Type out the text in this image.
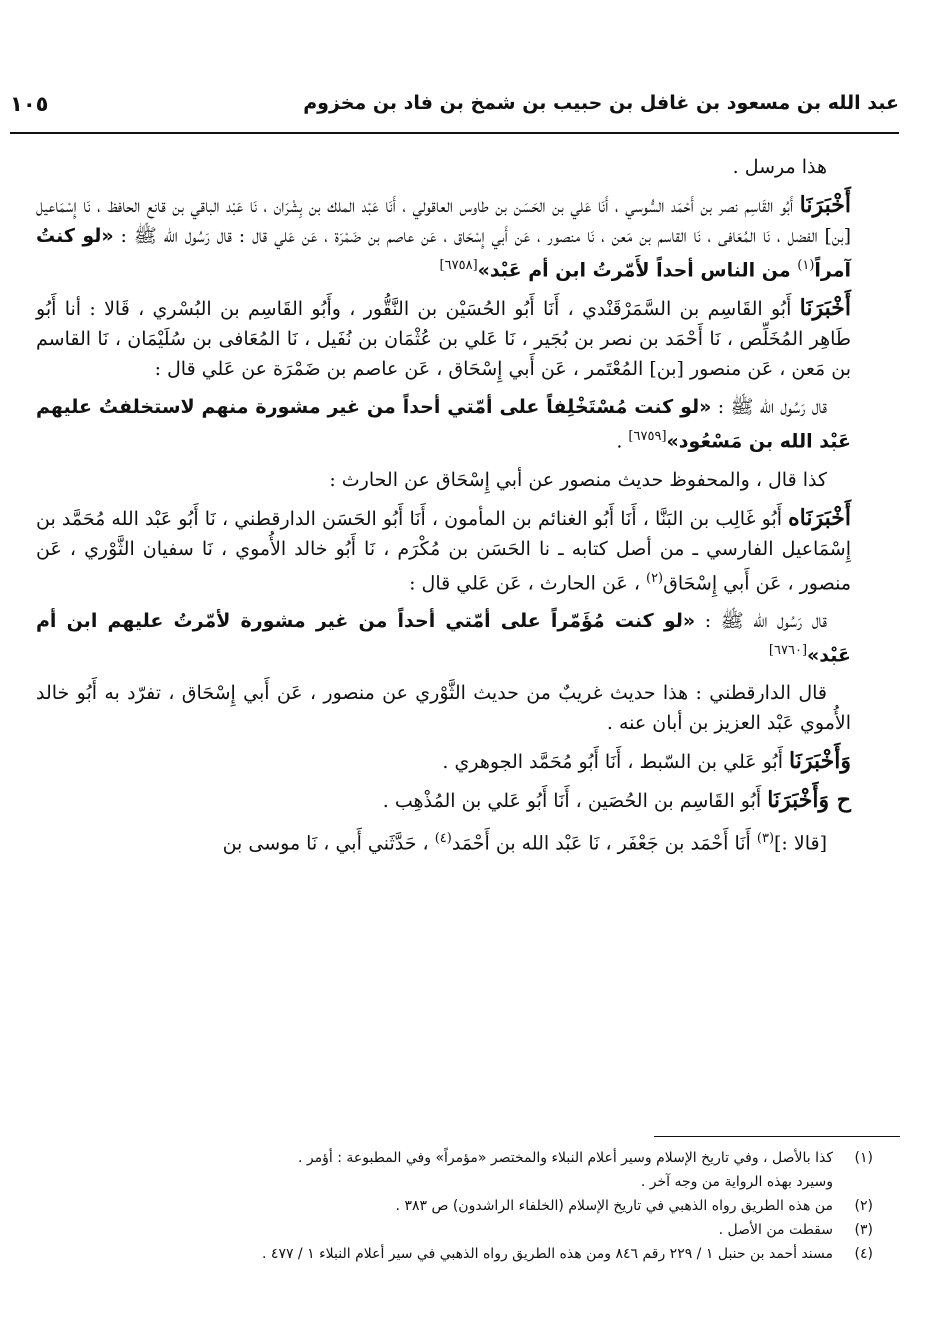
عبد الله بن مسعود بن غافل بن حبيب بن شمخ بن فاد بن مخزوم
١٠٥

هذا مرسل .

أَخْبَرَنَا أَبُو القَاسِم نصر بن أَحْمَد السُّوسي ، أَنَا عَلي بن الحَسَن بن طاوس العاقولي ، أَنَا عَبْد الملك بن بِشْرَان ، نَا عَبْد الباقي بن قانع الحافظ ، نَا إِسْمَاعيل [بن] الفضل ، نَا المُعَافى ، نَا القاسم بن مَعن ، نَا منصور ، عَن أَبي إِسْحَاق ، عَن عاصم بن ضَمْرَة ، عَن عَلي قال : قال رَسُول الله ﷺ : «لو كنتُ آمراً$^{(١)}$ من الناس أحداً لأَمّرتُ ابن أم عَبْد»[٦٧٥٨]

أَخْبَرَنَا أَبُو القَاسِم بن السَّمَرْقَنْدي ، أَنَا أَبُو الحُسَيْن بن النَّقُّور ، وأَبُو القَاسِم بن البُسْري ، قَالا : أنا أَبُو طَاهِر المُخَلِّص ، نَا أَحْمَد بن نصر بن بُجَير ، نَا عَلي بن عُثْمَان بن نُفَيل ، نَا المُعَافى بن سُلَيْمَان ، نَا القاسم بن مَعن ، عَن منصور [بن] المُعْتَمر ، عَن أَبي إِسْحَاق ، عَن عاصم بن ضَمْرَة عن عَلي قال :

قال رَسُول الله ﷺ : «لو كنت مُسْتَخْلِفاً على أمّتي أحداً من غير مشورة منهم لاستخلفتُ عليهم عَبْد الله بن مَسْعُود»[٦٧٥٩] .

كذا قال ، والمحفوظ حديث منصور عن أبي إِسْحَاق عن الحارث :

أَخْبَرَنَاه أَبُو غَالِب بن البَنَّا ، أَنَا أَبُو الغنائم بن المأمون ، أَنَا أَبُو الحَسَن الدارقطني ، نَا أَبُو عَبْد الله مُحَمَّد بن إِسْمَاعيل الفارسي ـ من أصل كتابه ـ نا الحَسَن بن مُكْرَم ، نَا أَبُو خالد الأُموي ، نَا سفيان الثَّوْري ، عَن منصور ، عَن أَبي إِسْحَاق$^{(٢)}$ ، عَن الحارث ، عَن عَلي قال :

قال رَسُول الله ﷺ : «لو كنت مُؤَمّراً على أمّتي أحداً من غير مشورة لأمّرتُ عليهم ابن أم عَبْد»[٦٧٦٠]

قال الدارقطني : هذا حديث غريبٌ من حديث الثَّوْري عن منصور ، عَن أَبي إِسْحَاق ، تفرّد به أَبُو خالد الأُموي عَبْد العزيز بن أبان عنه .

وَأَخْبَرَنَا أَبُو عَلي بن السّبط ، أَنَا أَبُو مُحَمَّد الجوهري .

ح وَأَخْبَرَنَا أَبُو القَاسِم بن الحُصَين ، أَنَا أَبُو عَلي بن المُذْهِب .

[قالا :]$^{(٣)}$ أَنَا أَحْمَد بن جَعْفَر ، نَا عَبْد الله بن أَحْمَد$^{(٤)}$ ، حَدَّثَني أَبي ، نَا موسى بن

(١)
كذا بالأصل ، وفي تاريخ الإسلام وسير أعلام النبلاء والمختصر «مؤمراً» وفي المطبوعة : أؤمر .
وسيرد بهذه الرواية من وجه آخر .
(٢)
من هذه الطريق رواه الذهبي في تاريخ الإسلام (الخلفاء الراشدون) ص ٣٨٣ .
(٣)
سقطت من الأصل .
(٤)
مسند أحمد بن حنبل ١ / ٢٢٩ رقم ٨٤٦ ومن هذه الطريق رواه الذهبي في سير أعلام النبلاء ١ / ٤٧٧ .
